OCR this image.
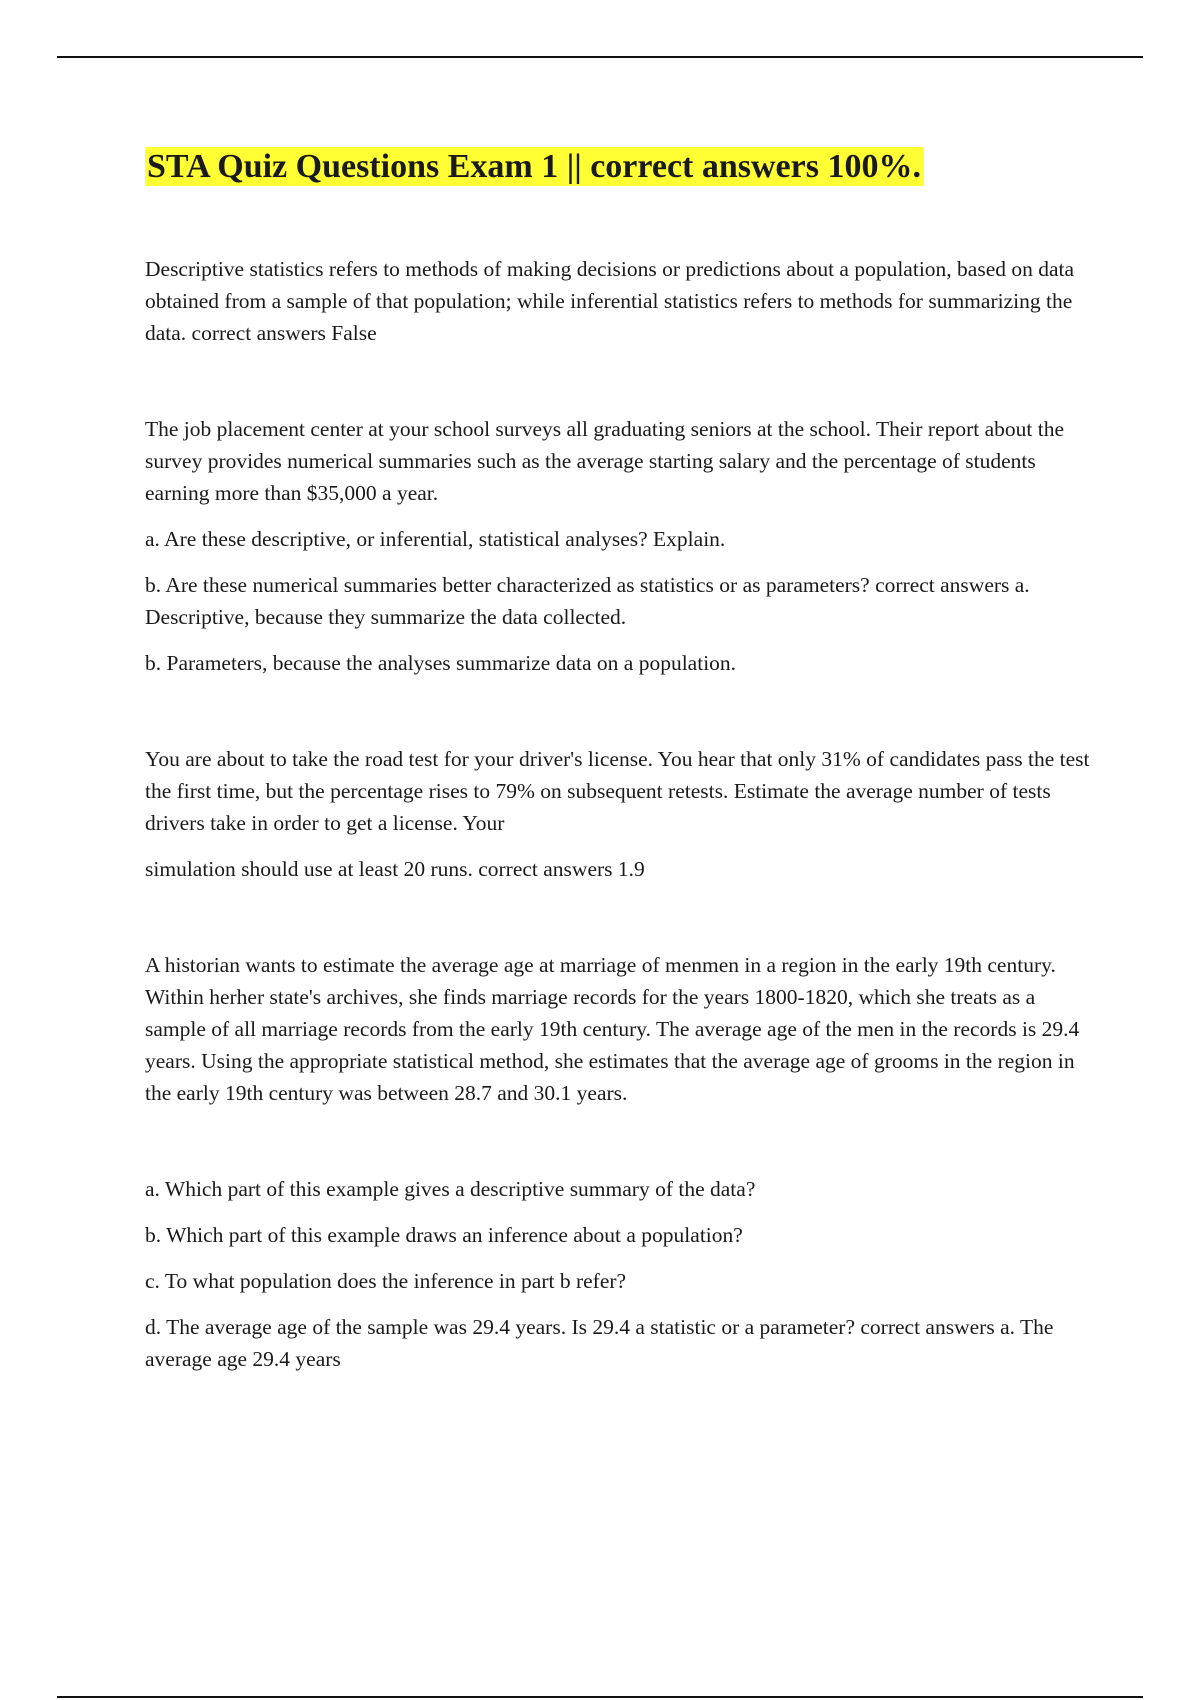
STA Quiz Questions Exam 1 || correct answers 100%.

Descriptive statistics refers to methods of making decisions or predictions about a population, based on data obtained from a sample of that population; while inferential statistics refers to methods for summarizing the data. correct answers False

The job placement center at your school surveys all graduating seniors at the school. Their report about the survey provides numerical summaries such as the average starting salary and the percentage of students earning more than $35,000 a year.

a. Are these descriptive, or inferential, statistical analyses? Explain.

b. Are these numerical summaries better characterized as statistics or as parameters? correct answers a. Descriptive, because they summarize the data collected.

b. Parameters, because the analyses summarize data on a population.

You are about to take the road test for your driver's license. You hear that only 31% of candidates pass the test the first time, but the percentage rises to 79% on subsequent retests. Estimate the average number of tests drivers take in order to get a license. Your

simulation should use at least 20 runs. correct answers 1.9

A historian wants to estimate the average age at marriage of menmen in a region in the early 19th century. Within herher state's archives, she finds marriage records for the years 1800-1820, which she treats as a sample of all marriage records from the early 19th century. The average age of the men in the records is 29.4 years. Using the appropriate statistical method, she estimates that the average age of grooms in the region in the early 19th century was between 28.7 and 30.1 years.

a. Which part of this example gives a descriptive summary of the data?

b. Which part of this example draws an inference about a population?

c. To what population does the inference in part b refer?

d. The average age of the sample was 29.4 years. Is 29.4 a statistic or a parameter? correct answers a. The average age 29.4 years
